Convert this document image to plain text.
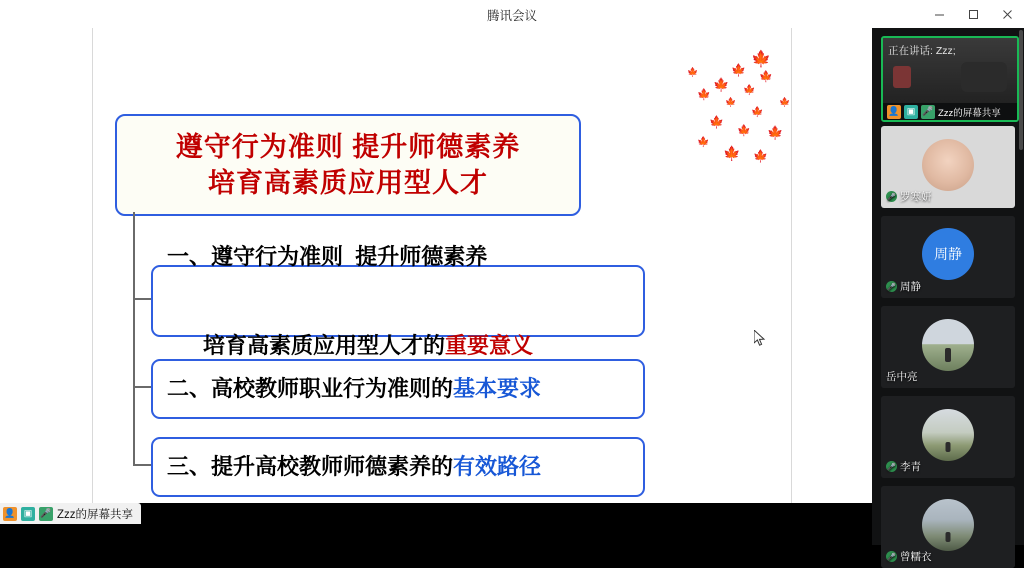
腾讯会议
🍁
🍁 🍁
🍁 🍁
🍁
🍁
🍁
🍁
🍁 🍁
🍁
🍁 🍁
🍁
🍁
遵守行为准则 提升师德素养
培育高素质应用型人才

一、遵守行为准则  提升师德素养

培育高素质应用型人才的重要意义

二、高校教师职业行为准则的基本要求
三、提升高校教师师德素养的有效路径
👤 ▣ 🎤 Zzz的屏幕共享
正在讲话: Zzz;
👤 ▣ 🎤 Zzz的屏幕共享
🎤 罗寒妍
周静
🎤 周静
岳中亮
🎤 李青
🎤 曾糯衣
